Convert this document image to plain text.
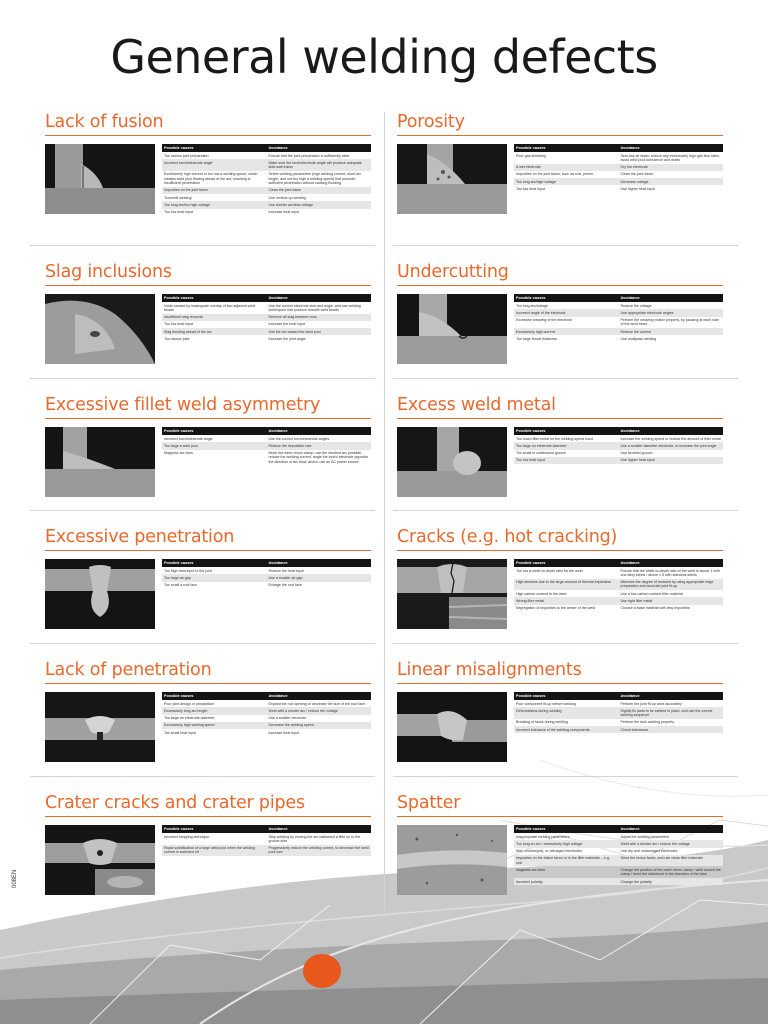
General welding defects
Lack of fusion
Possible causes	Avoidance
Too narrow joint preparation	Ensure that the joint preparation is sufficiently wide
Incorrect torch/electrode angle	Make sure the torch/electrode angle will produce adequate side-wall fusion
Excessively high current or too low a welding speed, which creates weld pool flowing ahead of the arc, resulting in insufficient penetration	Select welding parameters (high welding current, short arc length, and not too high a welding speed) that promote sufficient penetration without causing flooding
Impurities on the joint faces	Clean the joint faces
'Downhill welding'	Use vertical-up welding
Too long arc/too high voltage	Use shorter arc/less voltage
Too low heat input	Increase heat input
Porosity
Possible causes	Avoidance
Poor gas shielding	Seal any air leaks, reduce any excessively high gas flow rates, avoid weld pool turbulence and drafts
A wet electrode	Dry the electrode
Impurities on the joint faces, such as rust, primer	Clean the joint faces
Too long arc/high voltage	Decrease voltage
Too low heat input	Use higher heat input
Slag inclusions
Possible causes	Avoidance
Voids caused by inadequate overlap of two adjacent weld beads	Use the correct electrode size and angle, and use welding techniques that produce smooth weld beads
Insufficient slag removal	Remove all slag between runs
Too low heat input	Increase the heat input
Slag flooding ahead of the arc	Aim the arc toward the weld pool
Too narrow joint	Increase the joint angle
Undercutting
Possible causes	Avoidance
Too long arc/voltage	Reduce the voltage
Incorrect angle of the electrode	Use appropriate electrode angles
Excessive weaving of the electrode	Perform the weaving motion properly, by pausing at each side of the weld bead
Excessively high current	Reduce the current
Too large throat thickness	Use multipass welding
Excessive fillet weld asymmetry
Possible causes	Avoidance
Incorrect torch/electrode angle	Use the correct torch/electrode angles
Too large a weld pool	Reduce the deposition rate
Magnetic arc blow	Move the earth return clamp, use the shortest arc possible, reduce the welding current, angle the torch/ electrode opposite the direction of arc blow, and/or use an AC power source
Excess weld metal
Possible causes	Avoidance
Too much filler metal for the welding speed used	Increase the welding speed or reduce the amount of filler metal
Too large an electrode diameter	Use a smaller diameter electrode, or increase the joint angle
Too small or undersized groove	Use beveled groove
Too low heat input	Use higher heat input
Excessive penetration
Possible causes	Avoidance
Too high heat input to the joint	Reduce the heat input
Too large air gap	Use a smaller air gap
Too small a root face	Enlarge the root face
Cracks (e.g. hot cracking)
Possible causes	Avoidance
Too low a width-to-depth ratio for the weld	Ensure that the width-to-depth ratio of the weld is above 1 with one alloy steels / above 1.5 with stainless steels
High stresses due to the large amount of thermal expansion	Minimize the degree of restraint by using appropriate edge preparation and accurate joint fit-up
High carbon content in the weld	Use a low-carbon content filler material
Wrong filler metal	Use right filler metal
Segregation of impurities to the center of the weld	Choose a base material with less impurities
Lack of penetration
Possible causes	Avoidance
Poor joint design or preparation	Expand the rod opening or decrease the size of the root face
Excessively long arc length	Weld with a shorter arc / reduce the voltage
Too large an electrode diameter	Use a smaller electrode
Excessively high welding speed	Decrease the welding speed
Too small heat input	Increase heat input
Linear misalignments
Possible causes	Avoidance
Poor component fit-up before welding	Perform the joint fit-up work accurately
Deformations during welding	Rigidly fix parts to be welded in place, and use the correct welding sequence
Breaking of tacks during welding	Perform the tack welding properly
Incorrect tolerance of the welding components	Check tolerances
Crater cracks and crater pipes
Possible causes	Avoidance
Incorrect stopping technique	Stop welding by moving the arc backward a little on to the groove side
Rapid solidification of a large weld pool when the welding current is switched off	Progressively reduce the welding current, to decrease the weld pool size
Spatter
Possible causes	Avoidance
Inappropriate welding parameters	Adjust the welding parameters
Too long an arc / excessively high voltage	Weld with a shorter arc / reduce the voltage
Wet, unclean(ed), or damaged electrodes	Use dry and undamaged electrodes
Impurities on the fusion faces or in the filler materials – e.g. rust	Grind the fusion faces, and use clean filler materials
Magnetic arc blow	Change the position of the earth return clamp / weld toward the clamp / bend the stick/torch in the direction of the blow
Incorrect polarity	Change the polarity
008EN
